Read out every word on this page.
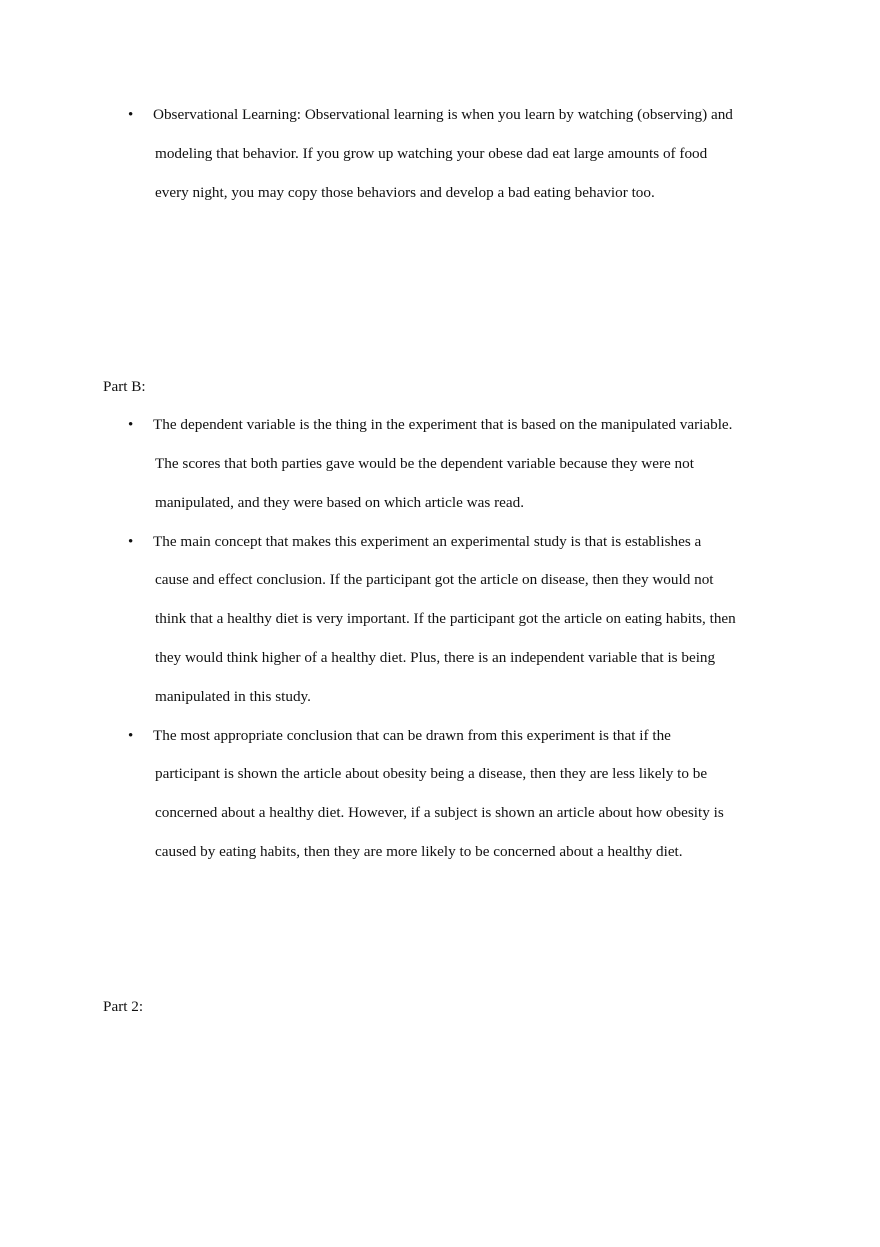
• Observational Learning: Observational learning is when you learn by watching (observing) and
modeling that behavior. If you grow up watching your obese dad eat large amounts of food
every night, you may copy those behaviors and develop a bad eating behavior too.
Part B:
• The dependent variable is the thing in the experiment that is based on the manipulated variable.
The scores that both parties gave would be the dependent variable because they were not
manipulated, and they were based on which article was read.
• The main concept that makes this experiment an experimental study is that is establishes a
cause and effect conclusion. If the participant got the article on disease, then they would not
think that a healthy diet is very important. If the participant got the article on eating habits, then
they would think higher of a healthy diet. Plus, there is an independent variable that is being
manipulated in this study.
• The most appropriate conclusion that can be drawn from this experiment is that if the
participant is shown the article about obesity being a disease, then they are less likely to be
concerned about a healthy diet. However, if a subject is shown an article about how obesity is
caused by eating habits, then they are more likely to be concerned about a healthy diet.
Part 2:
